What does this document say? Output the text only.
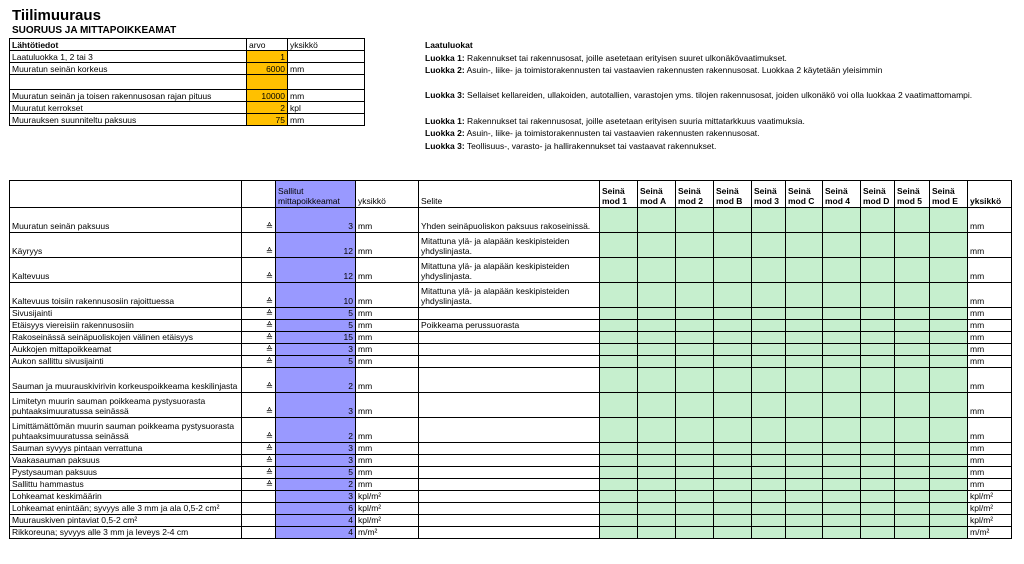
Tiilimuuraus
SUORUUS JA MITTAPOIKKEAMAT
Lähtötiedot	arvo	yksikkö
Laatuluokka 1, 2 tai 3	1	
Muuratun seinän korkeus	6000	mm

Muuratun seinän ja toisen rakennusosan rajan pituus	10000	mm
Muuratut kerrokset	2	kpl
Muurauksen suunniteltu paksuus	75	mm
Laatuluokat
Luokka 1: Rakennukset tai rakennusosat, joille asetetaan erityisen suuret ulkonäkövaatimukset.
Luokka 2: Asuin-, liike- ja toimistorakennusten tai vastaavien rakennusten rakennusosat. Luokkaa 2 käytetään yleisimmin
Luokka 3: Sellaiset kellareiden, ullakoiden, autotallien, varastojen yms. tilojen rakennusosat, joiden ulkonäkö voi olla luokkaa 2 vaatimattomampi.
Luokka 1: Rakennukset tai rakennusosat, joille asetetaan erityisen suuria mittatarkkuus vaatimuksia.
Luokka 2: Asuin-, liike- ja toimistorakennusten tai vastaavien rakennusten rakennusosat.
Luokka 3: Teollisuus-, varasto- ja hallirakennukset tai vastaavat rakennukset.
		Sallitut mittapoikkeamat	yksikkö	Selite	Seinä mod 1	Seinä mod A	Seinä mod 2	Seinä mod B	Seinä mod 3	Seinä mod C	Seinä mod 4	Seinä mod D	Seinä mod 5	Seinä mod E	yksikkö
Muuratun seinän paksuus	≙	3	mm	Yhden seinäpuoliskon paksuus rakoseinissä.											mm
Käyryys	≙	12	mm	Mitattuna ylä- ja alapään keskipisteiden yhdyslinjasta.											mm
Kaltevuus	≙	12	mm	Mitattuna ylä- ja alapään keskipisteiden yhdyslinjasta.											mm
Kaltevuus toisiin rakennusosiin rajoittuessa	≙	10	mm	Mitattuna ylä- ja alapään keskipisteiden yhdyslinjasta.											mm
Sivusijainti	≙	5	mm												mm
Etäisyys viereisiin rakennusosiin	≙	5	mm	Poikkeama perussuorasta											mm
Rakoseinässä seinäpuoliskojen välinen etäisyys	≙	15	mm												mm
Aukkojen mittapoikkeamat	≙	3	mm												mm
Aukon sallittu sivusijainti	≙	5	mm												mm
Sauman ja muurauskivirivin korkeuspoikkeama keskilinjasta	≙	2	mm												mm
Limitetyn muurin sauman poikkeama pystysuorasta puhtaaksimuuratussa seinässä	≙	3	mm												mm
Limittämättömän muurin sauman poikkeama pystysuorasta puhtaaksimuuratussa seinässä	≙	2	mm												mm
Sauman syvyys pintaan verrattuna	≙	3	mm												mm
Vaakasauman paksuus	≙	3	mm												mm
Pystysauman paksuus	≙	5	mm												mm
Sallittu hammastus	≙	2	mm												mm
Lohkeamat keskimäärin		3	kpl/m²												kpl/m²
Lohkeamat enintään; syvyys alle 3 mm ja ala 0,5-2 cm²		6	kpl/m²												kpl/m²
Muurauskiven pintaviat 0,5-2 cm²		4	kpl/m²												kpl/m²
Rikkoreuna; syvyys alle 3 mm ja leveys 2-4 cm		4	m/m²												m/m²
